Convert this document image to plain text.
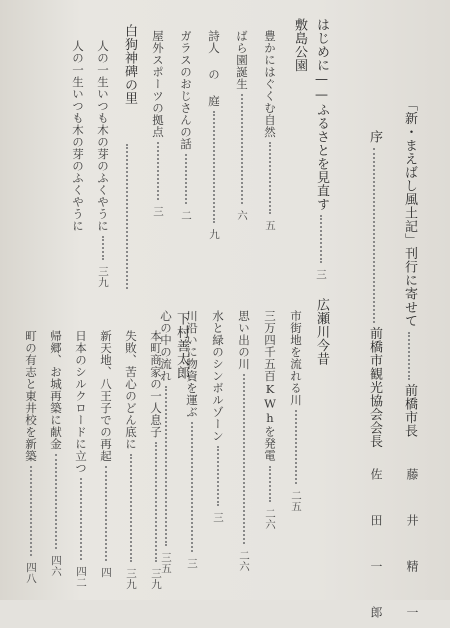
「新・まえばし風土記」刊行に寄せて前橋市長
藤 井 精 一
序前橋市観光協会会長
佐 田 一 郎
はじめに——ふるさとを見直す三
敷島公園
豊かにはぐくむ自然五
ばら園誕生六
詩人 の 庭九
ガラスのおじさんの話二
屋外スポーツの拠点三
広瀬川今昔
市街地を流れる川二五
三万四千五百KWhを発電二六
思い出の川二六
水と緑のシンボルゾーン三
川沿いに物資を運ぶ三
心の中の流れ三五
白狗神碑の里
人の一生いつも木の芽のふくやうに三九
人の一生いつも木の芽のふくやうに
下村善太郎
本町商家の一人息子三九
失敗、苦心のどん底に三九
新天地、八王子での再起四
日本のシルクロードに立つ四二
帰郷、お城再築に献金四六
町の有志と東井校を新築四八
